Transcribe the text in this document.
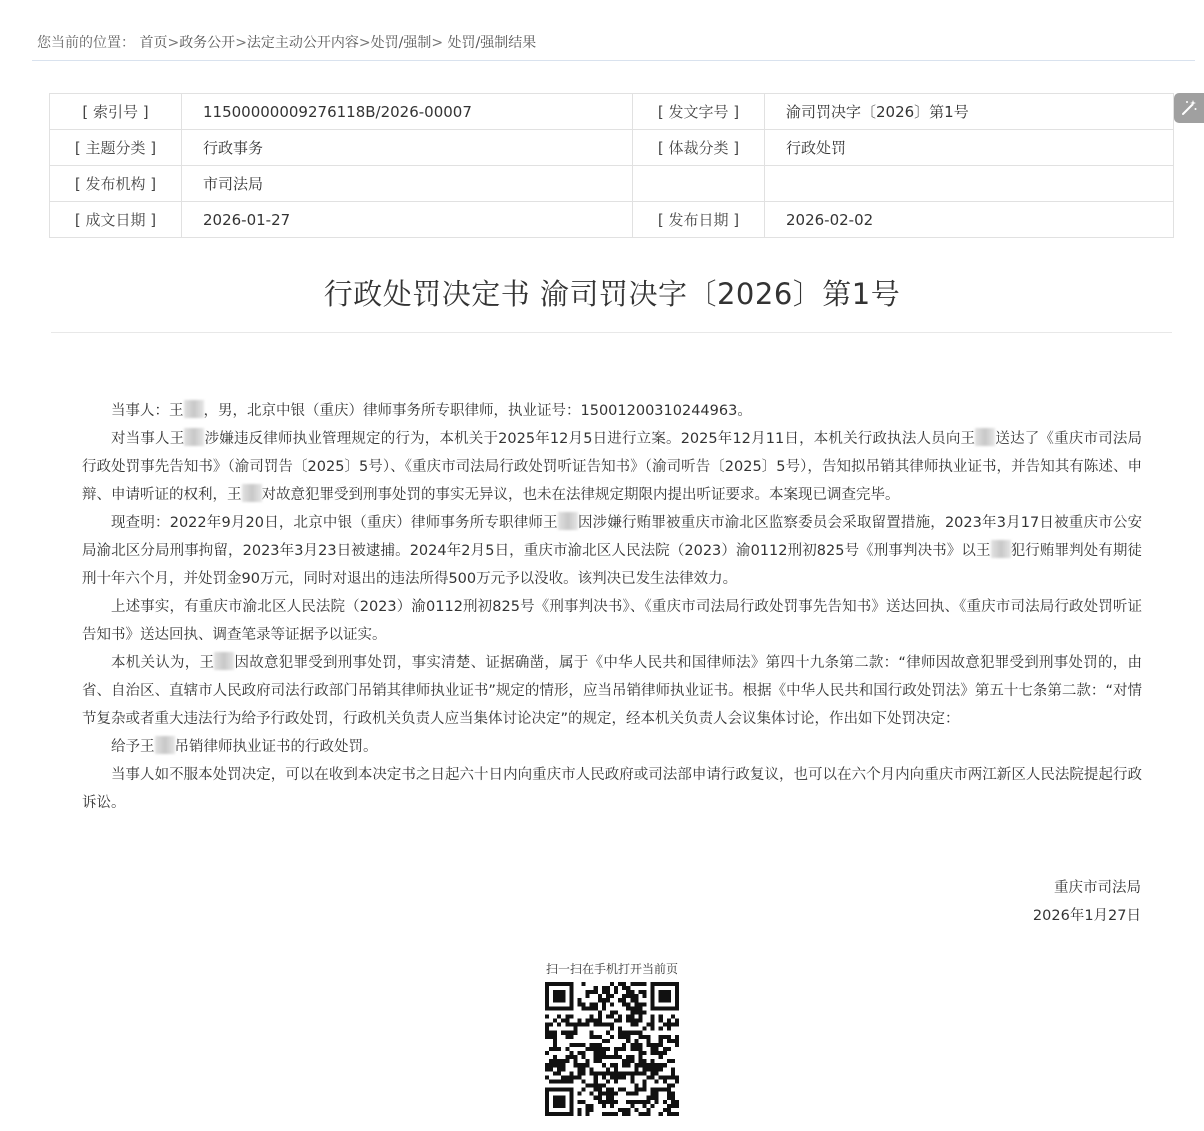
您当前的位置： 首页>政务公开>法定主动公开内容>处罚/强制> 处罚/强制结果
[ 索引号 ]	11500000009276118B/2026-00007	[ 发文字号 ]	渝司罚决字〔2026〕第1号
[ 主题分类 ]	行政事务	[ 体裁分类 ]	行政处罚
[ 发布机构 ]	市司法局		
[ 成文日期 ]	2026-01-27	[ 发布日期 ]	2026-02-02
行政处罚决定书 渝司罚决字〔2026〕第1号

当事人：王 ，男，北京中银（重庆）律师事务所专职律师，执业证号：15001200310244963。

对当事人王 涉嫌违反律师执业管理规定的行为，本机关于2025年12月5日进行立案。2025年12月11日，本机关行政执法人员向王 送达了《重庆市司法局行政处罚事先告知书》（渝司罚告〔2025〕5号）、《重庆市司法局行政处罚听证告知书》（渝司听告〔2025〕5号），告知拟吊销其律师执业证书，并告知其有陈述、申辩、申请听证的权利，王 对故意犯罪受到刑事处罚的事实无异议，也未在法律规定期限内提出听证要求。本案现已调查完毕。

现查明：2022年9月20日，北京中银（重庆）律师事务所专职律师王 因涉嫌行贿罪被重庆市渝北区监察委员会采取留置措施，2023年3月17日被重庆市公安局渝北区分局刑事拘留，2023年3月23日被逮捕。2024年2月5日，重庆市渝北区人民法院（2023）渝0112刑初825号《刑事判决书》以王 犯行贿罪判处有期徒刑十年六个月，并处罚金90万元，同时对退出的违法所得500万元予以没收。该判决已发生法律效力。

上述事实，有重庆市渝北区人民法院（2023）渝0112刑初825号《刑事判决书》、《重庆市司法局行政处罚事先告知书》送达回执、《重庆市司法局行政处罚听证告知书》送达回执、调查笔录等证据予以证实。

本机关认为，王 因故意犯罪受到刑事处罚，事实清楚、证据确凿，属于《中华人民共和国律师法》第四十九条第二款：“律师因故意犯罪受到刑事处罚的，由省、自治区、直辖市人民政府司法行政部门吊销其律师执业证书”规定的情形，应当吊销律师执业证书。根据《中华人民共和国行政处罚法》第五十七条第二款：“对情节复杂或者重大违法行为给予行政处罚，行政机关负责人应当集体讨论决定”的规定，经本机关负责人会议集体讨论，作出如下处罚决定：

给予王 吊销律师执业证书的行政处罚。

当事人如不服本处罚决定，可以在收到本决定书之日起六十日内向重庆市人民政府或司法部申请行政复议，也可以在六个月内向重庆市两江新区人民法院提起行政诉讼。

重庆市司法局
2026年1月27日
扫一扫在手机打开当前页
